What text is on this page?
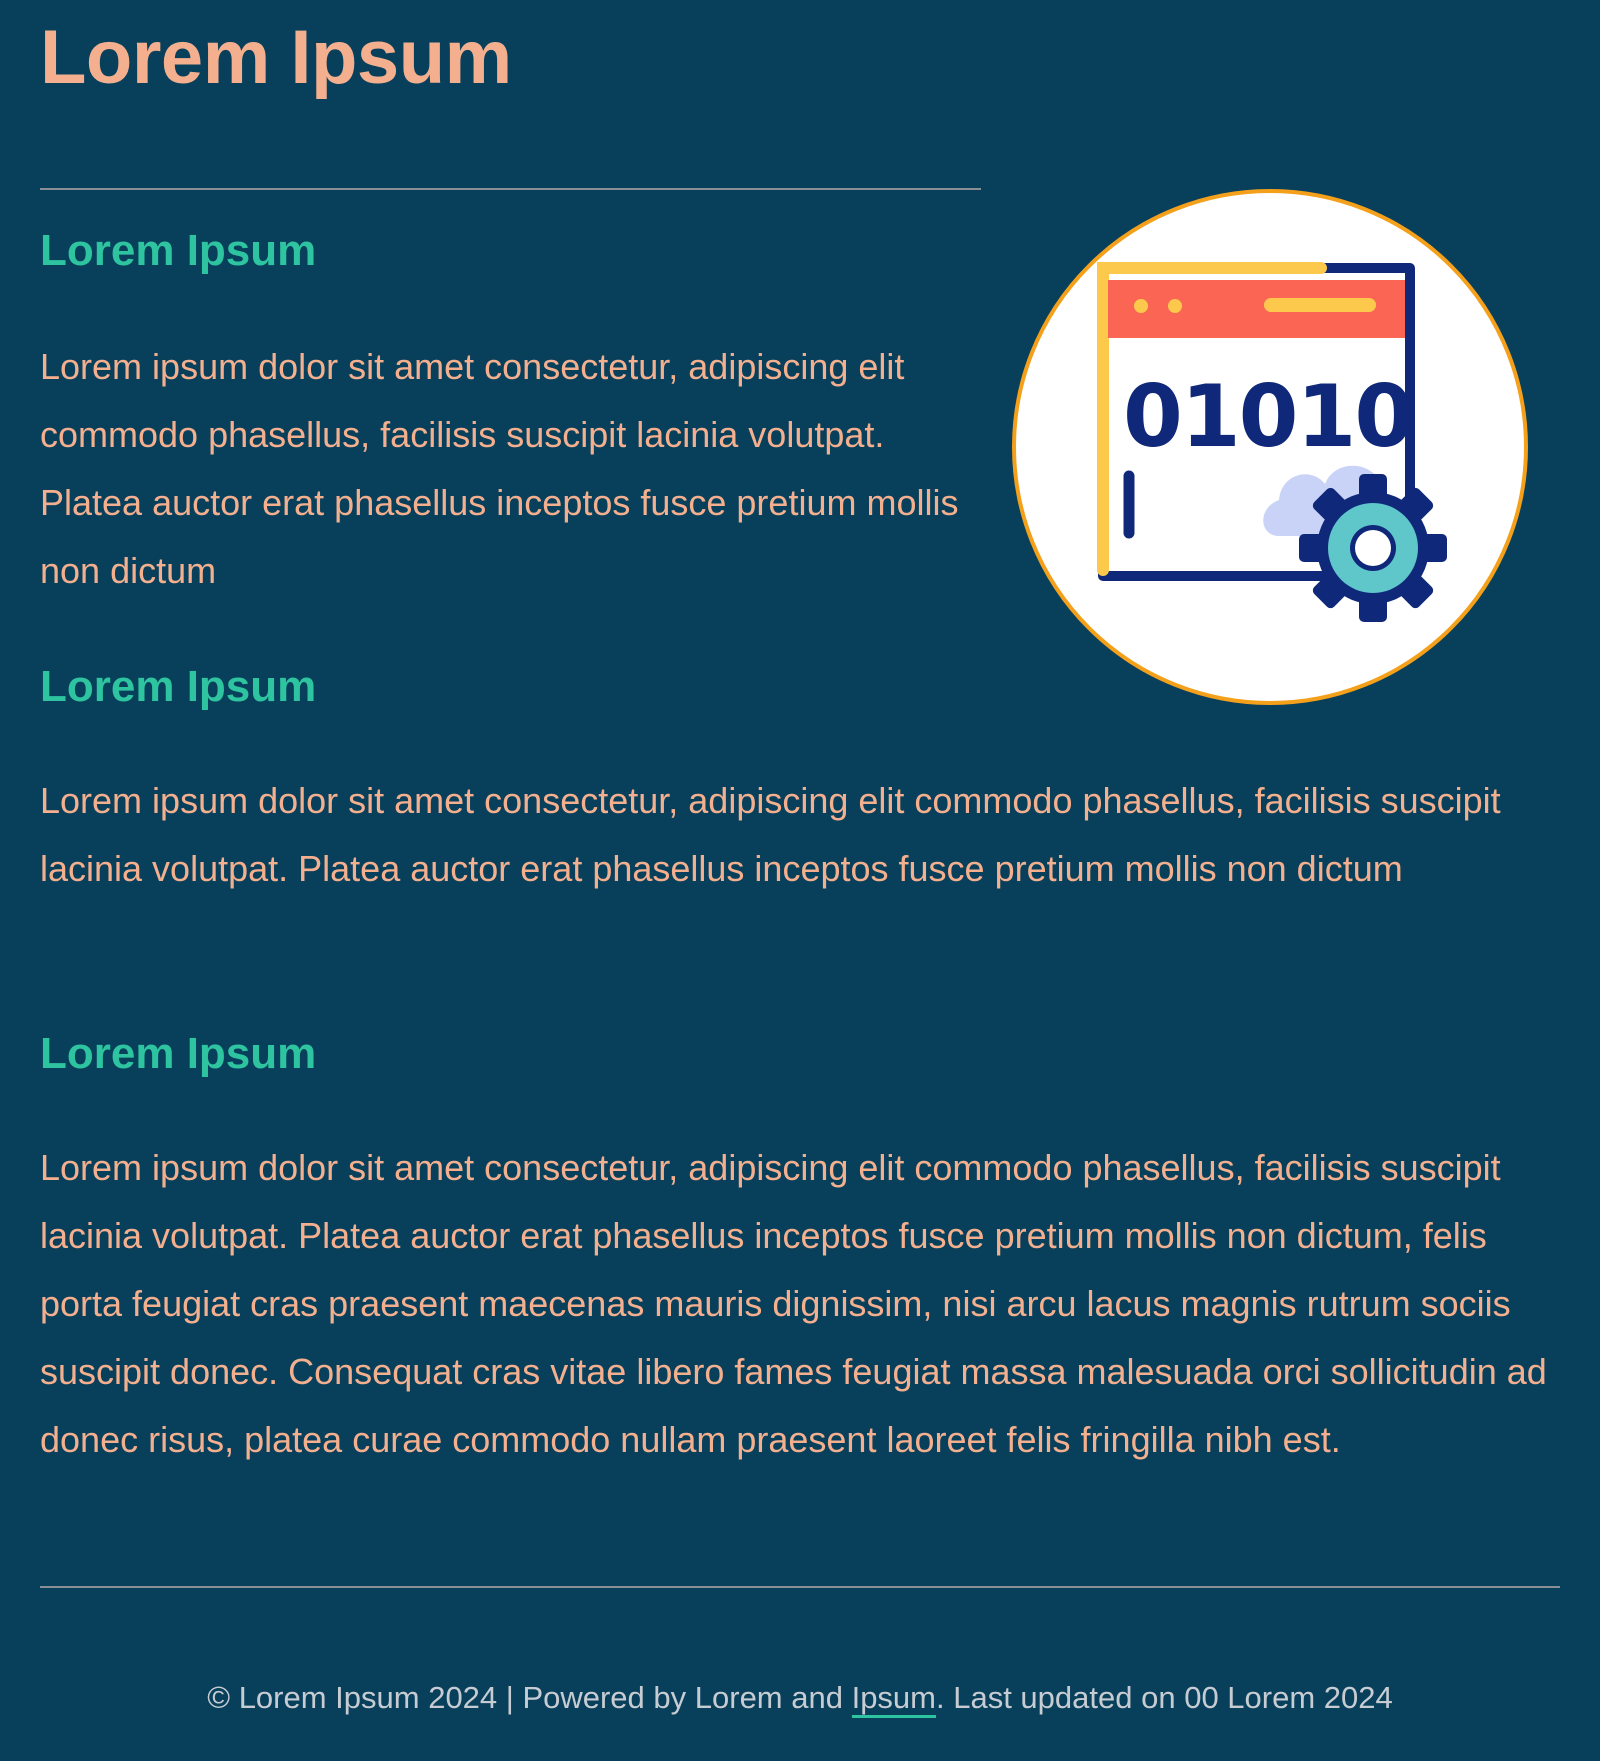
Lorem Ipsum
Lorem Ipsum

Lorem ipsum dolor sit amet consectetur, adipiscing elit commodo phasellus, facilisis suscipit lacinia volutpat. Platea auctor erat phasellus inceptos fusce pretium mollis non dictum

01010
Lorem Ipsum

Lorem ipsum dolor sit amet consectetur, adipiscing elit commodo phasellus, facilisis suscipit lacinia volutpat. Platea auctor erat phasellus inceptos fusce pretium mollis non dictum

Lorem Ipsum

Lorem ipsum dolor sit amet consectetur, adipiscing elit commodo phasellus, facilisis suscipit lacinia volutpat. Platea auctor erat phasellus inceptos fusce pretium mollis non dictum, felis porta feugiat cras praesent maecenas mauris dignissim, nisi arcu lacus magnis rutrum sociis suscipit donec. Consequat cras vitae libero fames feugiat massa malesuada orci sollicitudin ad donec risus, platea curae commodo nullam praesent laoreet felis fringilla nibh est.

© Lorem Ipsum 2024 | Powered by Lorem and Ipsum. Last updated on 00 Lorem 2024
